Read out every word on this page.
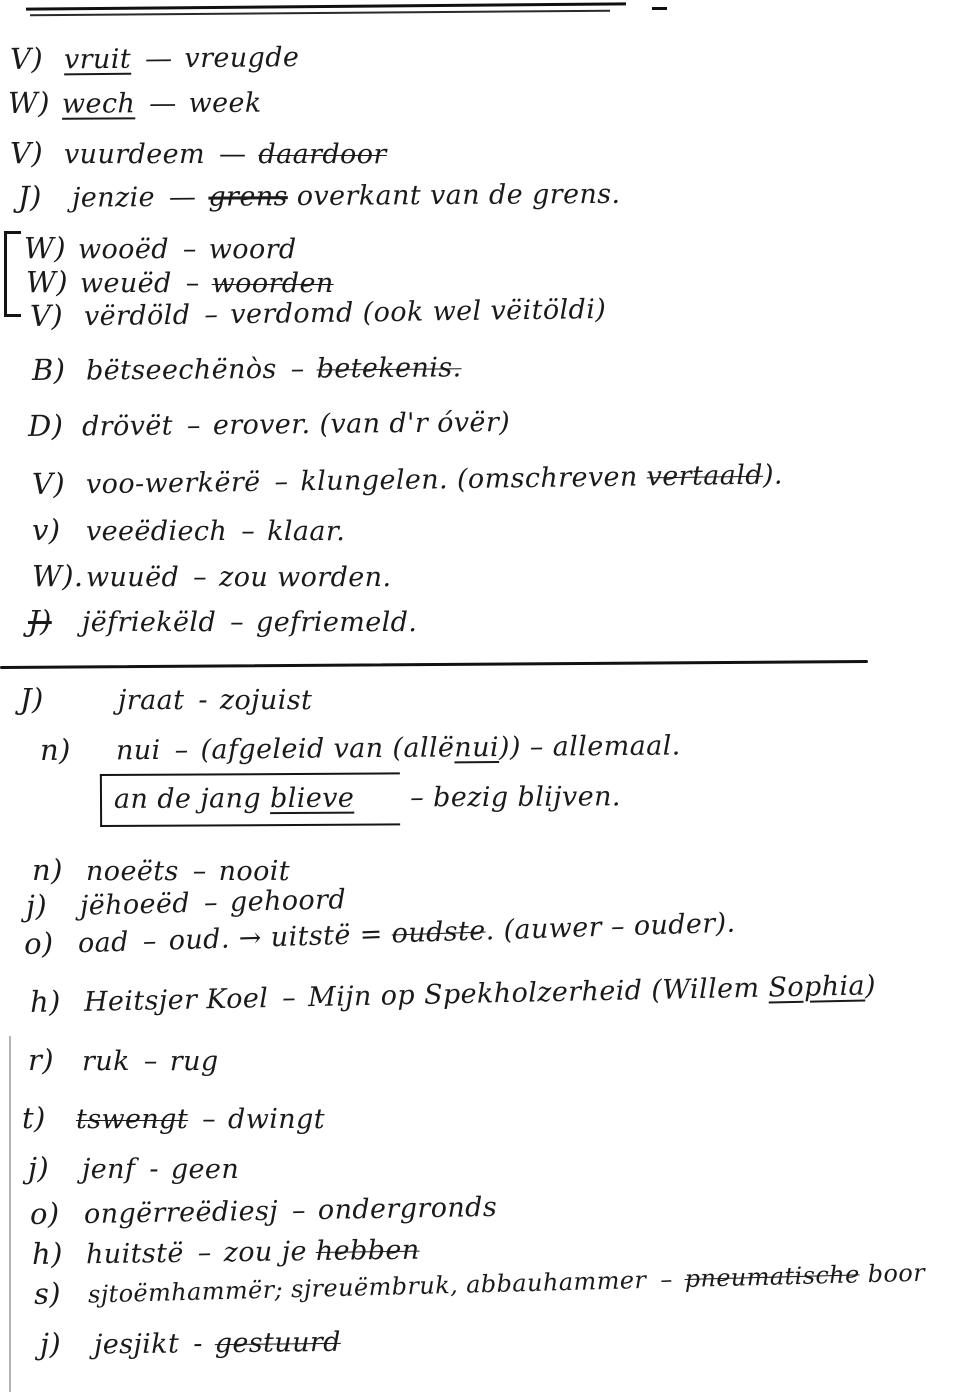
V) vruit — vreugde
W) wech — week
V) vuurdeem — daardoor
J) jenzie — grens overkant van de grens.
W) wooëd – woord
W) weuëd – woorden
V) vërdöld – verdomd (ook wel vëitöldi)
B) bëtseechënòs – betekenis.
D) drövët – erover. (van d'r óvër)
V) voo-werkërë – klungelen. (omschreven vertaald).
v) veeëdiech – klaar.
W).wuuëd – zou worden.
J) jëfriekëld – gefriemeld.
J)	jraat - zojuist
n) nui – (afgeleid van (allënui)) – allemaal.
an de jang blieve – bezig blijven.
n) noeëts – nooit
j) jëhoeëd – gehoord
o) oad – oud. → uitstë = oudste. (auwer – ouder).
h) Heitsjer Koel – Mijn op Spekholzerheid (Willem Sophia)
r) ruk – rug
t) tswengt – dwingt
j) jenf - geen
o) ongërreëdiesj – ondergronds
h) huitstë – zou je hebben
s) sjtoëmhammër; sjreuëmbruk, abbauhammer – pneumatische boor
j) jesjikt - gestuurd
